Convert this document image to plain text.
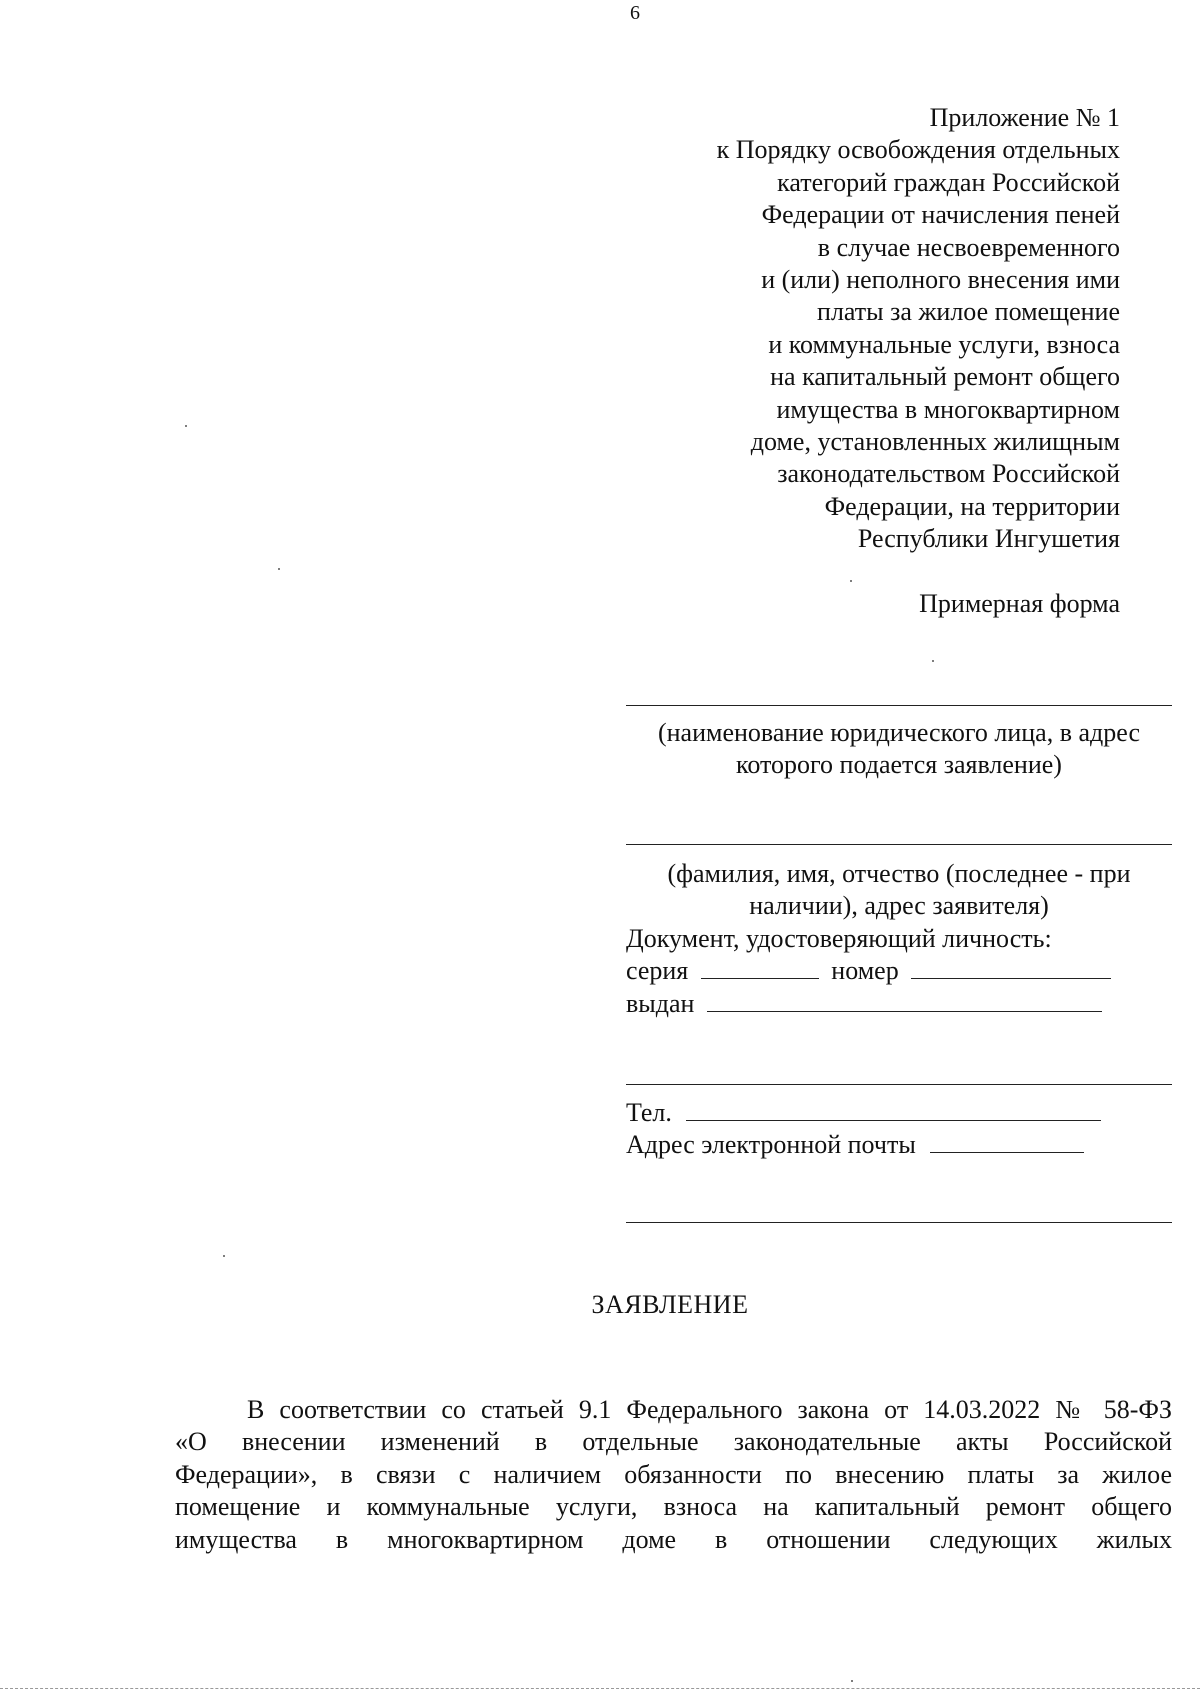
6
Приложение № 1
к Порядку освобождения отдельных
категорий граждан Российской
Федерации от начисления пеней
в случае несвоевременного
и (или) неполного внесения ими
платы за жилое помещение
и коммунальные услуги, взноса
на капитальный ремонт общего
имущества в многоквартирном
доме, установленных жилищным
законодательством Российской
Федерации, на территории
Республики Ингушетия
Примерная форма
(наименование юридического лица, в адрес
которого подается заявление)
(фамилия, имя, отчество (последнее - при
наличии), адрес заявителя)
Документ, удостоверяющий личность:
серия	номер
выдан
Тел.
Адрес электронной почты
ЗАЯВЛЕНИЕ
В соответствии со статьей 9.1 Федерального закона от 14.03.2022 № 58-ФЗ
«О внесении изменений в отдельные законодательные акты Российской
Федерации», в связи с наличием обязанности по внесению платы за жилое
помещение и коммунальные услуги, взноса на капитальный ремонт общего
имущества в многоквартирном доме в отношении следующих жилых
